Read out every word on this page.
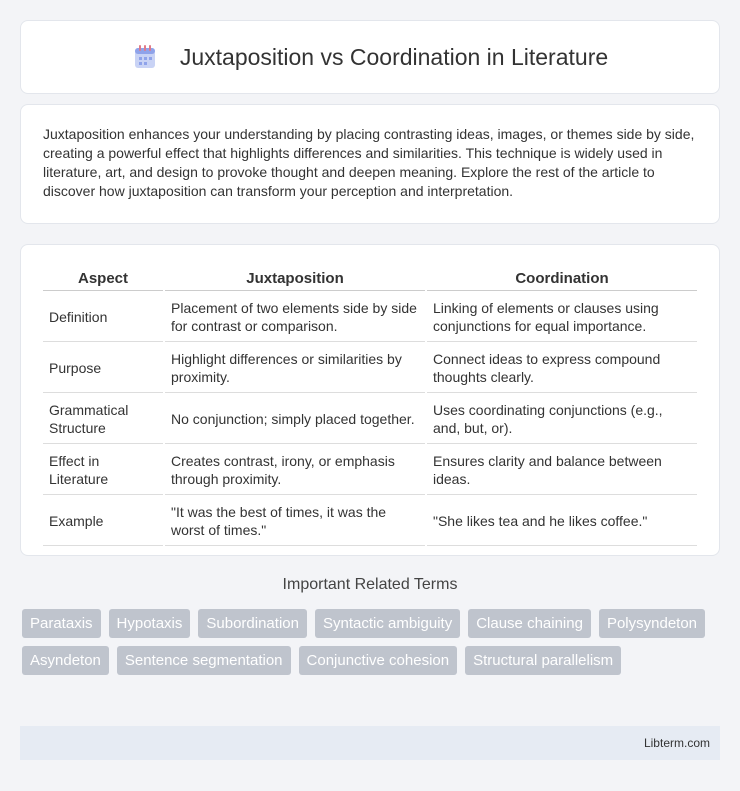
Juxtaposition vs Coordination in Literature

Juxtaposition enhances your understanding by placing contrasting ideas, images, or themes side by side, creating a powerful effect that highlights differences and similarities. This technique is widely used in literature, art, and design to provoke thought and deepen meaning. Explore the rest of the article to discover how juxtaposition can transform your perception and interpretation.

Aspect	Juxtaposition	Coordination
Definition	Placement of two elements side by side for contrast or comparison.	Linking of elements or clauses using conjunctions for equal importance.
Purpose	Highlight differences or similarities by proximity.	Connect ideas to express compound thoughts clearly.
Grammatical Structure	No conjunction; simply placed together.	Uses coordinating conjunctions (e.g., and, but, or).
Effect in Literature	Creates contrast, irony, or emphasis through proximity.	Ensures clarity and balance between ideas.
Example	"It was the best of times, it was the worst of times."	"She likes tea and he likes coffee."
Important Related Terms
Parataxis	Hypotaxis	Subordination	Syntactic ambiguity	Clause chaining	Polysyndeton
Asyndeton	Sentence segmentation	Conjunctive cohesion	Structural parallelism
Libterm.com
